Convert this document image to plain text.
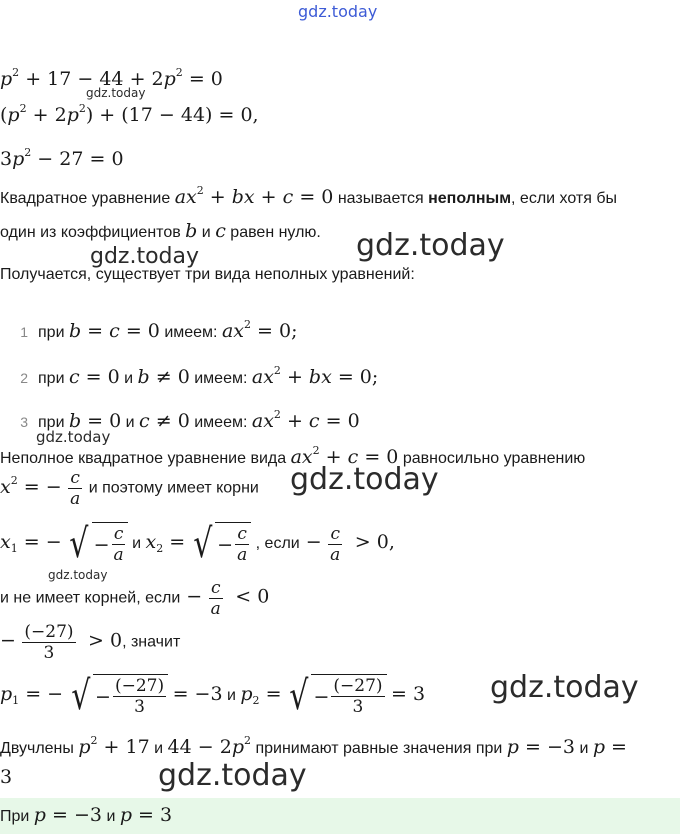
gdz.today
gdz.today
gdz.today	gdz.today
gdz.today
gdz.today
gdz.today
gdz.today
gdz.today
$p^2 + 17 - 44 + 2p^2 = 0$
$(p^2 + 2p^2) + (17 - 44) = 0$,
$3p^2 - 27 = 0$
Квадратное уравнение $ax^2$ + bx + c = 0 называется неполным, если хотя бы
один из коэффициентов b и c равен нулю.
Получается, существует три вида неполных уравнений:
1 при b = c = 0 имеем: $ax^2 = 0$;
2 при c = 0 и b ≠ 0 имеем: $ax^2$ + bx = 0;
3 при b = 0 и c ≠ 0 имеем: $ax^2 + c = 0$
Неполное квадратное уравнение вида $ax^2 + c = 0$ равносильно уравнению
$x^2$ = − $\frac{c}{a}$ и поэтому имеет корни
$x_1$ = − √ − $\frac{c}{a}$ и $x_2$ = √ − $\frac{c}{a}$ , если − $\frac{c}{a} > 0$,
и не имеет корней, если − $\frac{c}{a} < 0$
− $\frac{(-27)}{3} > 0$, значит
$p_1$ = − √ − $\frac{(-27)}{3} = -3$ и $p_2$ = √ − $\frac{(-27)}{3} = 3$
Двучлены $p^2 + 17$ и $44 - 2p^2$ принимают равные значения при p = −3 и p =
3
При p = −3 и p = 3
